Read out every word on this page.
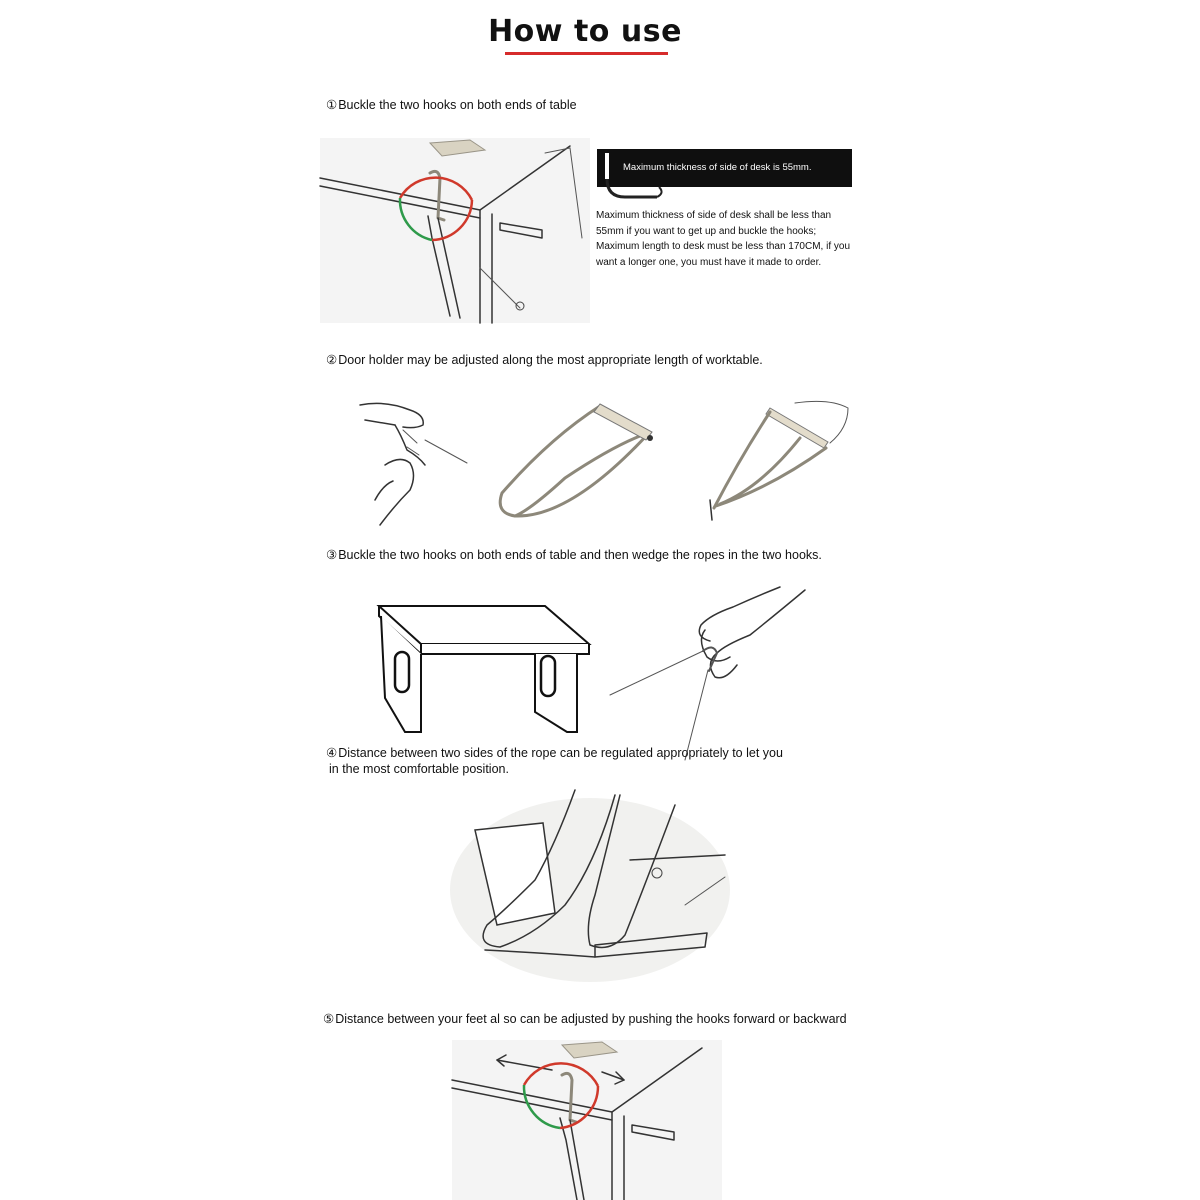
How to use
①Buckle the two hooks on both ends of table
Maximum thickness of side of desk is 55mm.
Maximum thickness of side of desk shall be less than 55mm if you want to get up and buckle the hooks; Maximum length to desk must be less than 170CM, if you want a longer one, you must have it made to order.
②Door holder may be adjusted along the most appropriate length of worktable.
③Buckle the two hooks on both ends of table and then wedge the ropes in the two hooks.
④Distance between two sides of the rope can be regulated appropriately to let you
in the most comfortable position.
⑤Distance between your feet al so can be adjusted by pushing the hooks forward or backward
